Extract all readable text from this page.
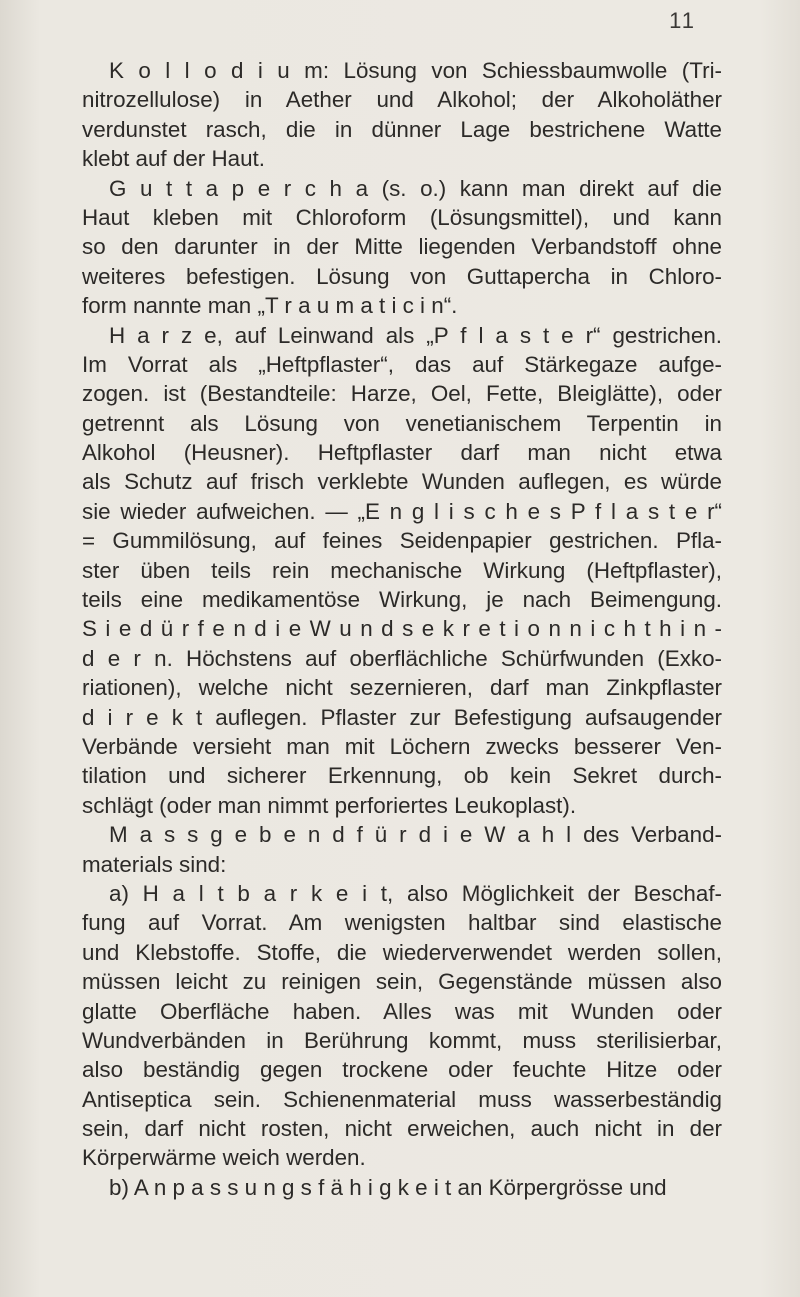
11
K o l l o d i u m: Lösung von Schiessbaumwolle (Tri-
nitrozellulose) in Aether und Alkohol; der Alkoholäther
verdunstet rasch, die in dünner Lage bestrichene Watte
klebt auf der Haut.
G u t t a p e r c h a (s. o.) kann man direkt auf die
Haut kleben mit Chloroform (Lösungsmittel), und kann
so den darunter in der Mitte liegenden Verbandstoff ohne
weiteres befestigen. Lösung von Guttapercha in Chloro-
form nannte man „T r a u m a t i c i n“.
H a r z e, auf Leinwand als „P f l a s t e r“ gestrichen.
Im Vorrat als „Heftpflaster“, das auf Stärkegaze aufge-
zogen. ist (Bestandteile: Harze, Oel, Fette, Bleiglätte), oder
getrennt als Lösung von venetianischem Terpentin in
Alkohol (Heusner). Heftpflaster darf man nicht etwa
als Schutz auf frisch verklebte Wunden auflegen, es würde
sie wieder aufweichen. — „E n g l i s c h e s P f l a s t e r“
= Gummilösung, auf feines Seidenpapier gestrichen. Pfla-
ster üben teils rein mechanische Wirkung (Heftpflaster),
teils eine medikamentöse Wirkung, je nach Beimengung.
S i e d ü r f e n d i e W u n d s e k r e t i o n n i c h t h i n -
d e r n. Höchstens auf oberflächliche Schürfwunden (Exko-
riationen), welche nicht sezernieren, darf man Zinkpflaster
d i r e k t auflegen. Pflaster zur Befestigung aufsaugender
Verbände versieht man mit Löchern zwecks besserer Ven-
tilation und sicherer Erkennung, ob kein Sekret durch-
schlägt (oder man nimmt perforiertes Leukoplast).
M a s s g e b e n d f ü r d i e W a h l des Verband-
materials sind:
a) H a l t b a r k e i t, also Möglichkeit der Beschaf-
fung auf Vorrat. Am wenigsten haltbar sind elastische
und Klebstoffe. Stoffe, die wiederverwendet werden sollen,
müssen leicht zu reinigen sein, Gegenstände müssen also
glatte Oberfläche haben. Alles was mit Wunden oder
Wundverbänden in Berührung kommt, muss sterilisierbar,
also beständig gegen trockene oder feuchte Hitze oder
Antiseptica sein. Schienenmaterial muss wasserbeständig
sein, darf nicht rosten, nicht erweichen, auch nicht in der
Körperwärme weich werden.
b) A n p a s s u n g s f ä h i g k e i t an Körpergrösse und
